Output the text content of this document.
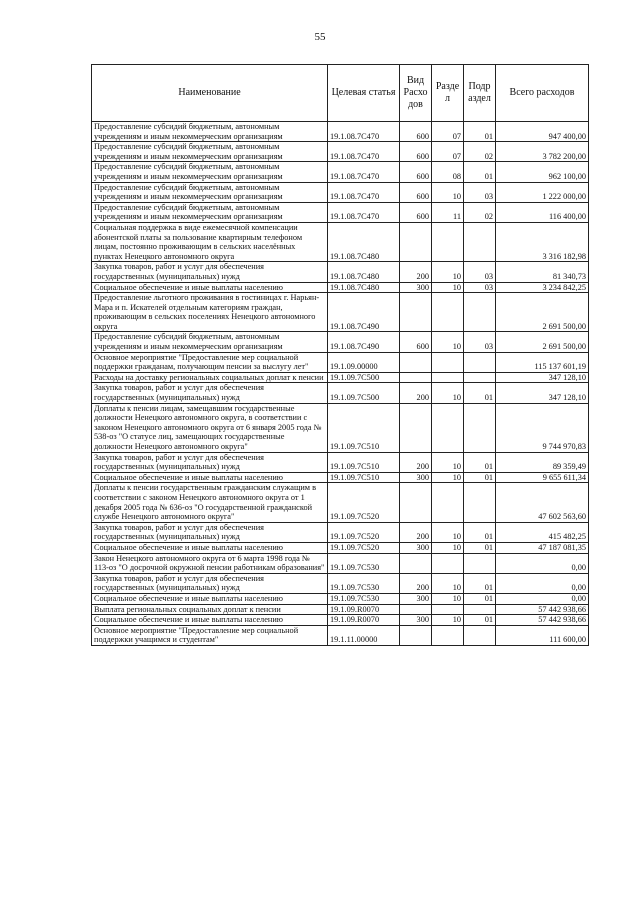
55
Наименование	Целевая статья	Вид Расхо дов	Разде л	Подр аздел	Всего расходов
Предоставление субсидий бюджетным, автономным учреждениям и иным некоммерческим организациям	19.1.08.7С470	600	07	01	947 400,00
Предоставление субсидий бюджетным, автономным учреждениям и иным некоммерческим организациям	19.1.08.7С470	600	07	02	3 782 200,00
Предоставление субсидий бюджетным, автономным учреждениям и иным некоммерческим организациям	19.1.08.7С470	600	08	01	962 100,00
Предоставление субсидий бюджетным, автономным учреждениям и иным некоммерческим организациям	19.1.08.7С470	600	10	03	1 222 000,00
Предоставление субсидий бюджетным, автономным учреждениям и иным некоммерческим организациям	19.1.08.7С470	600	11	02	116 400,00
Социальная поддержка в виде ежемесячной компенсации абонентской платы за пользование квартирным телефоном лицам, постоянно проживающим в сельских населённых пунктах Ненецкого автономного округа	19.1.08.7С480				3 316 182,98
Закупка товаров, работ и услуг для обеспечения государственных (муниципальных) нужд	19.1.08.7С480	200	10	03	81 340,73
Социальное обеспечение и иные выплаты населению	19.1.08.7С480	300	10	03	3 234 842,25
Предоставление льготного проживания в гостиницах г. Нарьян-Мара и п. Искателей отдельным категориям граждан, проживающим в сельских поселениях Ненецкого автономного округа	19.1.08.7С490				2 691 500,00
Предоставление субсидий бюджетным, автономным учреждениям и иным некоммерческим организациям	19.1.08.7С490	600	10	03	2 691 500,00
Основное мероприятие "Предоставление мер социальной поддержки гражданам, получающим пенсии за выслугу лет"	19.1.09.00000				115 137 601,19
Расходы на доставку региональных социальных доплат к пенсии	19.1.09.7С500				347 128,10
Закупка товаров, работ и услуг для обеспечения государственных (муниципальных) нужд	19.1.09.7С500	200	10	01	347 128,10
Доплаты к пенсии лицам, замещавшим государственные должности Ненецкого автономного округа, в соответствии с законом Ненецкого автономного округа от 6 января 2005 года № 538-оз "О статусе лиц, замещающих государственные должности Ненецкого автономного округа"	19.1.09.7С510				9 744 970,83
Закупка товаров, работ и услуг для обеспечения государственных (муниципальных) нужд	19.1.09.7С510	200	10	01	89 359,49
Социальное обеспечение и иные выплаты населению	19.1.09.7С510	300	10	01	9 655 611,34
Доплаты к пенсии государственным гражданским служащим в соответствии с законом Ненецкого автономного округа от 1 декабря 2005 года № 636-оз "О государственной гражданской службе Ненецкого автономного округа"	19.1.09.7С520				47 602 563,60
Закупка товаров, работ и услуг для обеспечения государственных (муниципальных) нужд	19.1.09.7С520	200	10	01	415 482,25
Социальное обеспечение и иные выплаты населению	19.1.09.7С520	300	10	01	47 187 081,35
Закон Ненецкого автономного округа от 6 марта 1998 года № 113-оз "О досрочной окружной пенсии работникам образования"	19.1.09.7С530				0,00
Закупка товаров, работ и услуг для обеспечения государственных (муниципальных) нужд	19.1.09.7С530	200	10	01	0,00
Социальное обеспечение и иные выплаты населению	19.1.09.7С530	300	10	01	0,00
Выплата региональных социальных доплат к пенсии	19.1.09.R0070				57 442 938,66
Социальное обеспечение и иные выплаты населению	19.1.09.R0070	300	10	01	57 442 938,66
Основное мероприятие "Предоставление мер социальной поддержки учащимся и студентам"	19.1.11.00000				111 600,00
